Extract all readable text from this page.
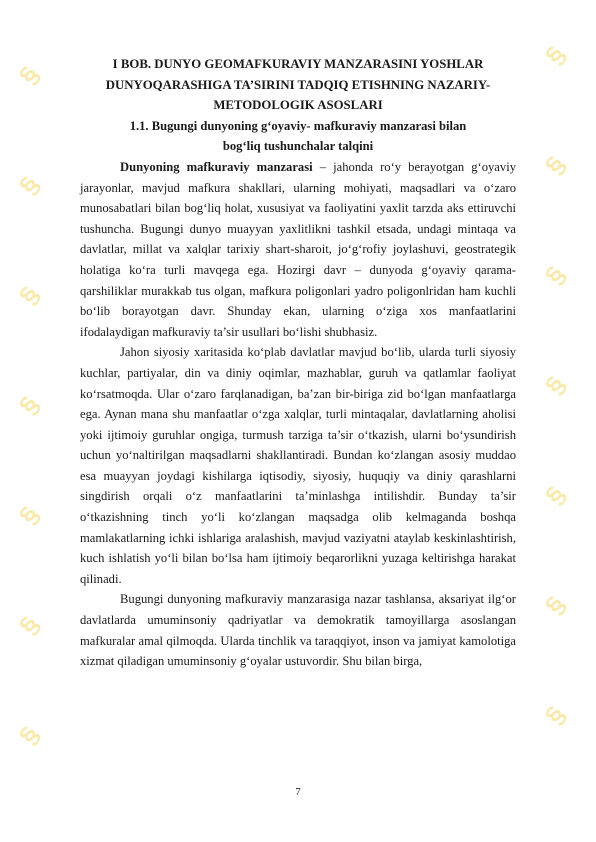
§
§
§
§
§
§
§
§
§
§
§
§
§
§
I BOB. DUNYO GEOMAFKURAVIY MANZARASINI YOSHLAR DUNYOQARASHIGA TA’SIRINI TADQIQ ETISHNING NAZARIY-METODOLOGIK ASOSLARI
1.1. Bugungi dunyoning g‘oyaviy- mafkuraviy manzarasi bilan bog‘liq tushunchalar talqini

Dunyoning mafkuraviy manzarasi – jahonda ro‘y berayotgan g‘oyaviy jarayonlar, mavjud mafkura shakllari, ularning mohiyati, maqsadlari va o‘zaro munosabatlari bilan bog‘liq holat, xususiyat va faoliyatini yaxlit tarzda aks ettiruvchi tushuncha. Bugungi dunyo muayyan yaxlitlikni tashkil etsada, undagi mintaqa va davlatlar, millat va xalqlar tarixiy shart-sharoit, jo‘g‘rofiy joylashuvi, geostrategik holatiga ko‘ra turli mavqega ega. Hozirgi davr – dunyoda g‘oyaviy qarama-qarshiliklar murakkab tus olgan, mafkura poligonlari yadro poligonlridan ham kuchli bo‘lib borayotgan davr. Shunday ekan, ularning o‘ziga xos manfaatlarini ifodalaydigan mafkuraviy ta’sir usullari bo‘lishi shubhasiz.

Jahon siyosiy xaritasida ko‘plab davlatlar mavjud bo‘lib, ularda turli siyosiy kuchlar, partiyalar, din va diniy oqimlar, mazhablar, guruh va qatlamlar faoliyat ko‘rsatmoqda. Ular o‘zaro farqlanadigan, ba’zan bir-biriga zid bo‘lgan manfaatlarga ega. Aynan mana shu manfaatlar o‘zga xalqlar, turli mintaqalar, davlatlarning aholisi yoki ijtimoiy guruhlar ongiga, turmush tarziga ta’sir o‘tkazish, ularni bo‘ysundirish uchun yo‘naltirilgan maqsadlarni shakllantiradi. Bundan ko‘zlangan asosiy muddao esa muayyan joydagi kishilarga iqtisodiy, siyosiy, huquqiy va diniy qarashlarni singdirish orqali o‘z manfaatlarini ta’minlashga intilishdir. Bunday ta’sir o‘tkazishning tinch yo‘li ko‘zlangan maqsadga olib kelmaganda boshqa mamlakatlarning ichki ishlariga aralashish, mavjud vaziyatni ataylab keskinlashtirish, kuch ishlatish yo‘li bilan bo‘lsa ham ijtimoiy beqarorlikni yuzaga keltirishga harakat qilinadi.

Bugungi dunyoning mafkuraviy manzarasiga nazar tashlansa, aksariyat ilg‘or davlatlarda umuminsoniy qadriyatlar va demokratik tamoyillarga asoslangan mafkuralar amal qilmoqda. Ularda tinchlik va taraqqiyot, inson va jamiyat kamolotiga xizmat qiladigan umuminsoniy g‘oyalar ustuvordir. Shu bilan birga,

7
